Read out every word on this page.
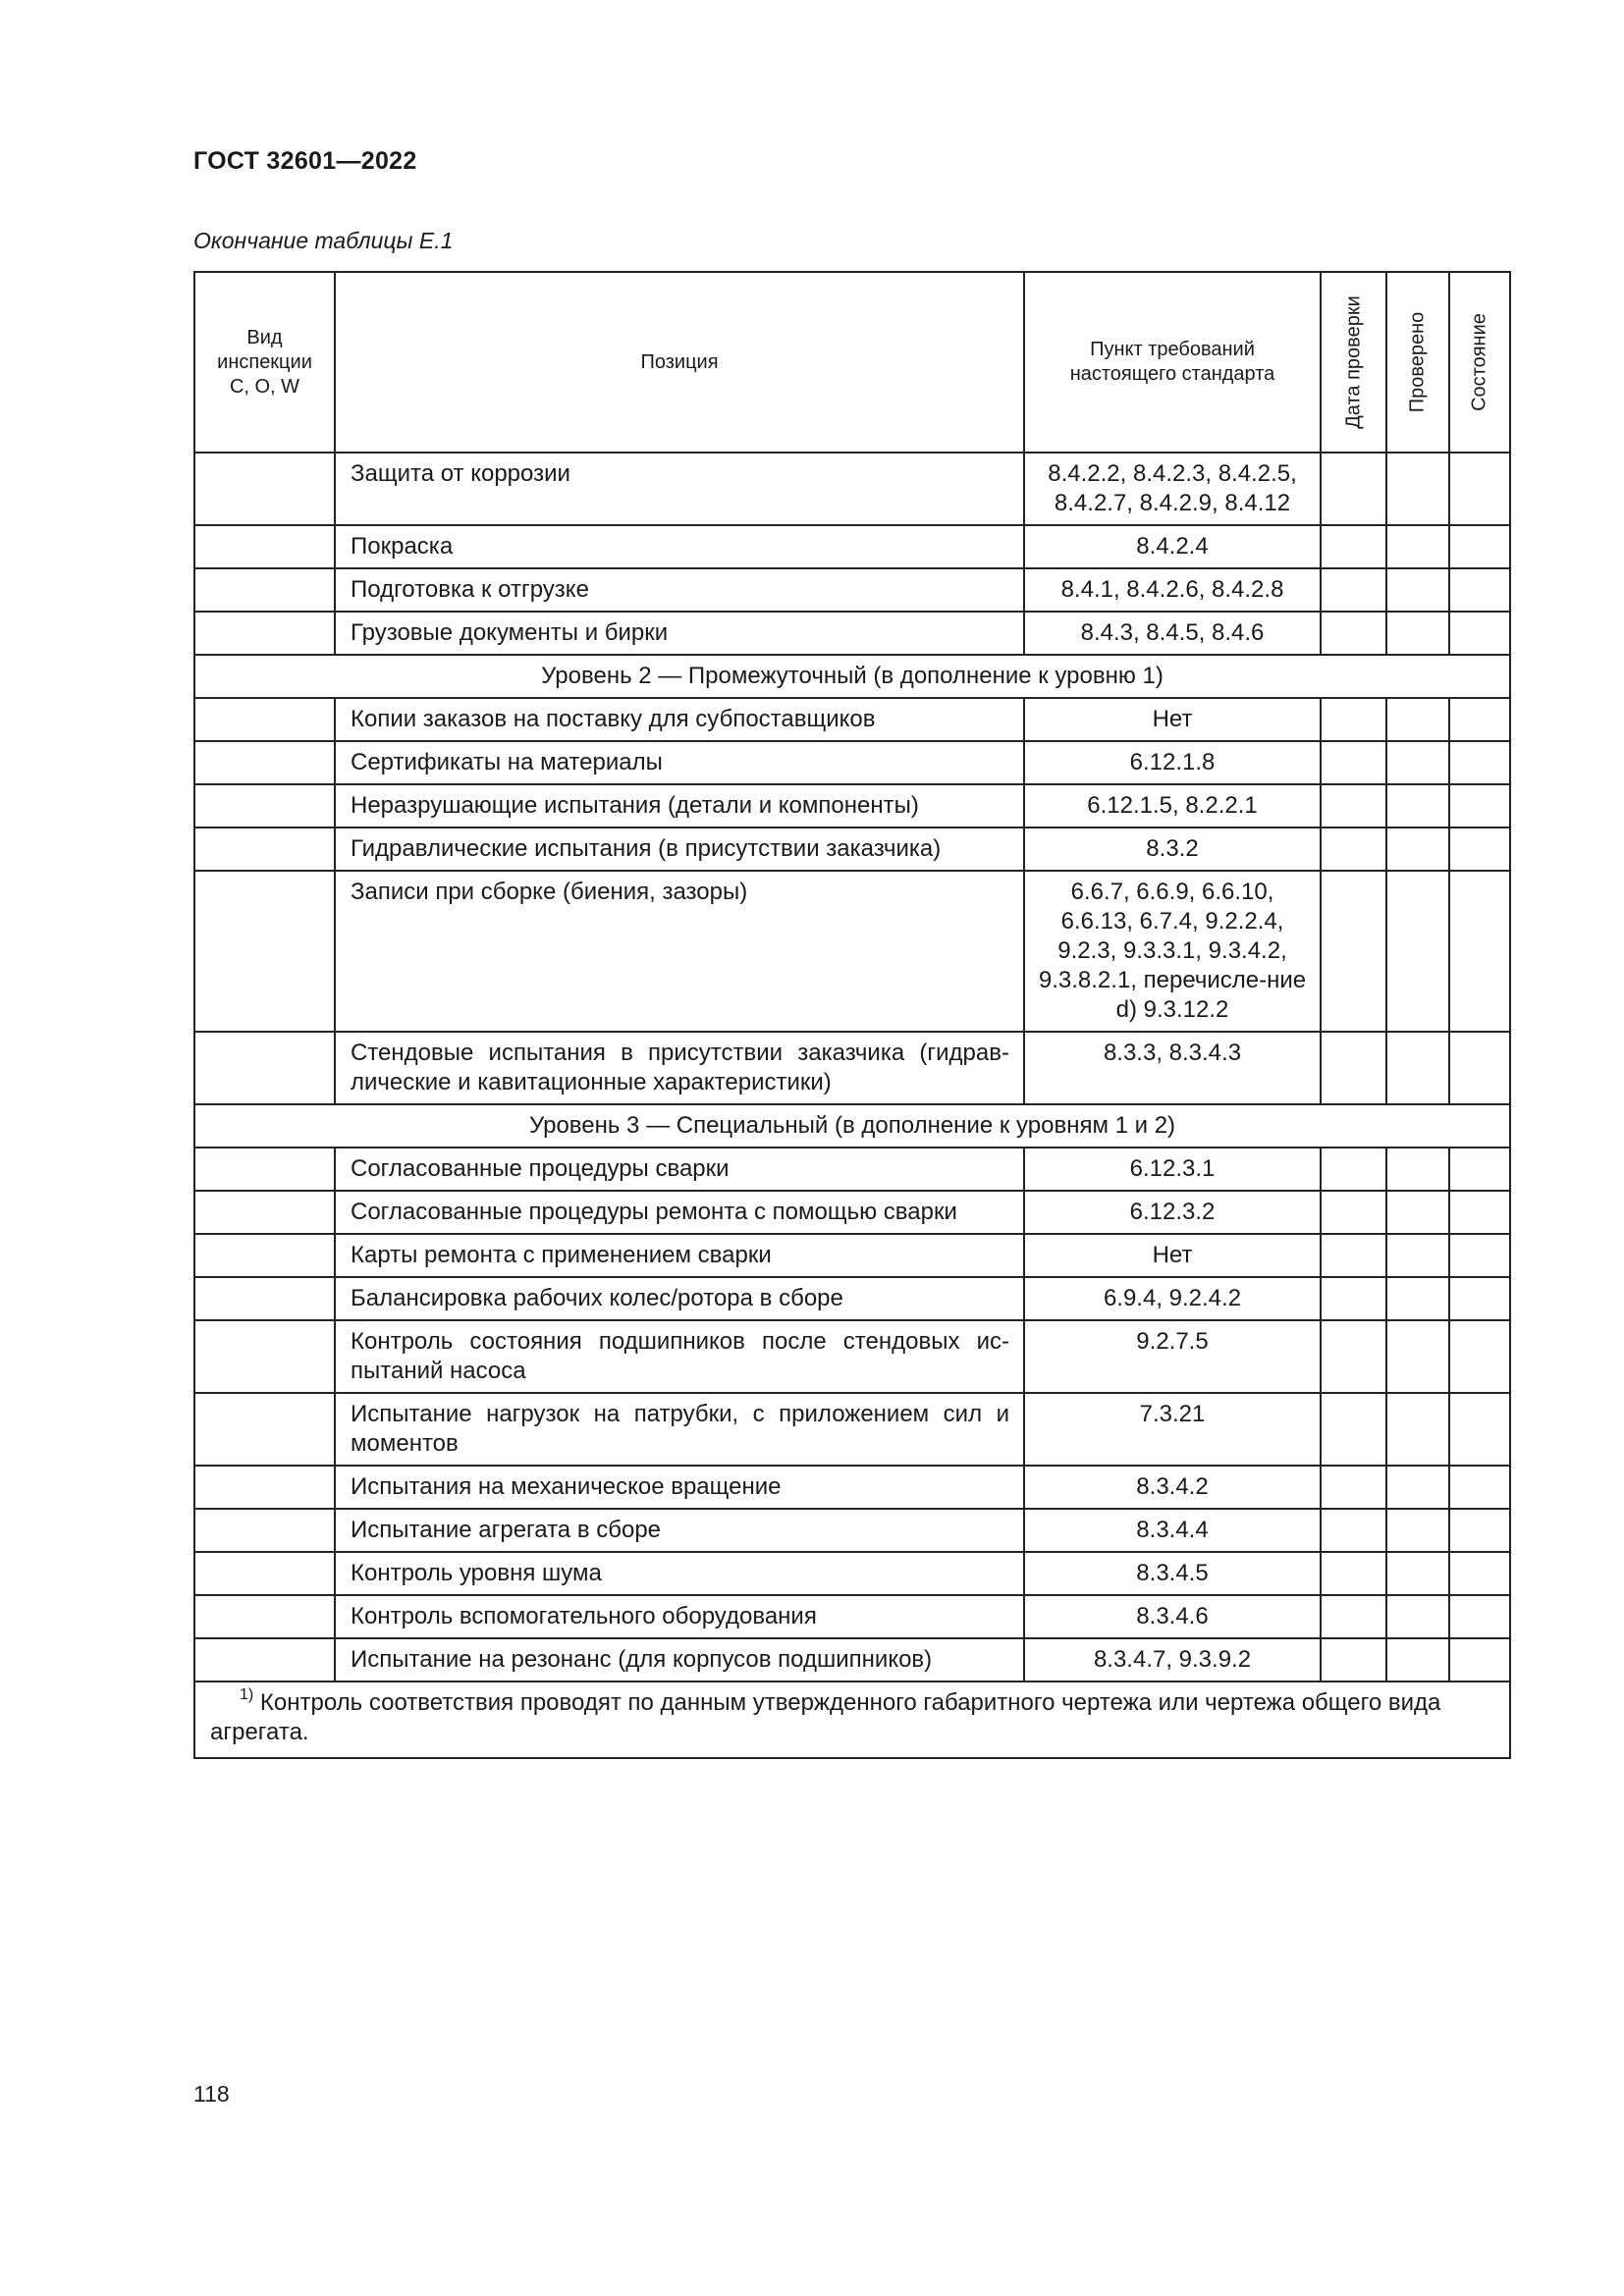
ГОСТ 32601—2022
Окончание таблицы Е.1
Вид инспекции С, О, W	Позиция	Пункт требований настоящего стандарта	Дата проверки	Проверено	Состояние

	Защита от коррозии	8.4.2.2, 8.4.2.3, 8.4.2.5, 8.4.2.7, 8.4.2.9, 8.4.12			
	Покраска	8.4.2.4			
	Подготовка к отгрузке	8.4.1, 8.4.2.6, 8.4.2.8			
	Грузовые документы и бирки	8.4.3, 8.4.5, 8.4.6			
Уровень 2 — Промежуточный (в дополнение к уровню 1)					
	Копии заказов на поставку для субпоставщиков	Нет			
	Сертификаты на материалы	6.12.1.8			
	Неразрушающие испытания (детали и компоненты)	6.12.1.5, 8.2.2.1			
	Гидравлические испытания (в присутствии заказчика)	8.3.2			
	Записи при сборке (биения, зазоры)	6.6.7, 6.6.9, 6.6.10, 6.6.13, 6.7.4, 9.2.2.4, 9.2.3, 9.3.3.1, 9.3.4.2, 9.3.8.2.1, перечисле-ние d) 9.3.12.2			
	Стендовые испытания в присутствии заказчика (гидрав-лические и кавитационные характеристики)	8.3.3, 8.3.4.3			
Уровень 3 — Специальный (в дополнение к уровням 1 и 2)					
	Согласованные процедуры сварки	6.12.3.1			
	Согласованные процедуры ремонта с помощью сварки	6.12.3.2			
	Карты ремонта с применением сварки	Нет			
	Балансировка рабочих колес/ротора в сборе	6.9.4, 9.2.4.2			
	Контроль состояния подшипников после стендовых ис-пытаний насоса	9.2.7.5			
	Испытание нагрузок на патрубки, с приложением сил и моментов	7.3.21			
	Испытания на механическое вращение	8.3.4.2			
	Испытание агрегата в сборе	8.3.4.4			
	Контроль уровня шума	8.3.4.5			
	Контроль вспомогательного оборудования	8.3.4.6			
	Испытание на резонанс (для корпусов подшипников)	8.3.4.7, 9.3.9.2			
$^{1)}$ Контроль соответствия проводят по данным утвержденного габаритного чертежа или чертежа общего вида агрегата.					
118
